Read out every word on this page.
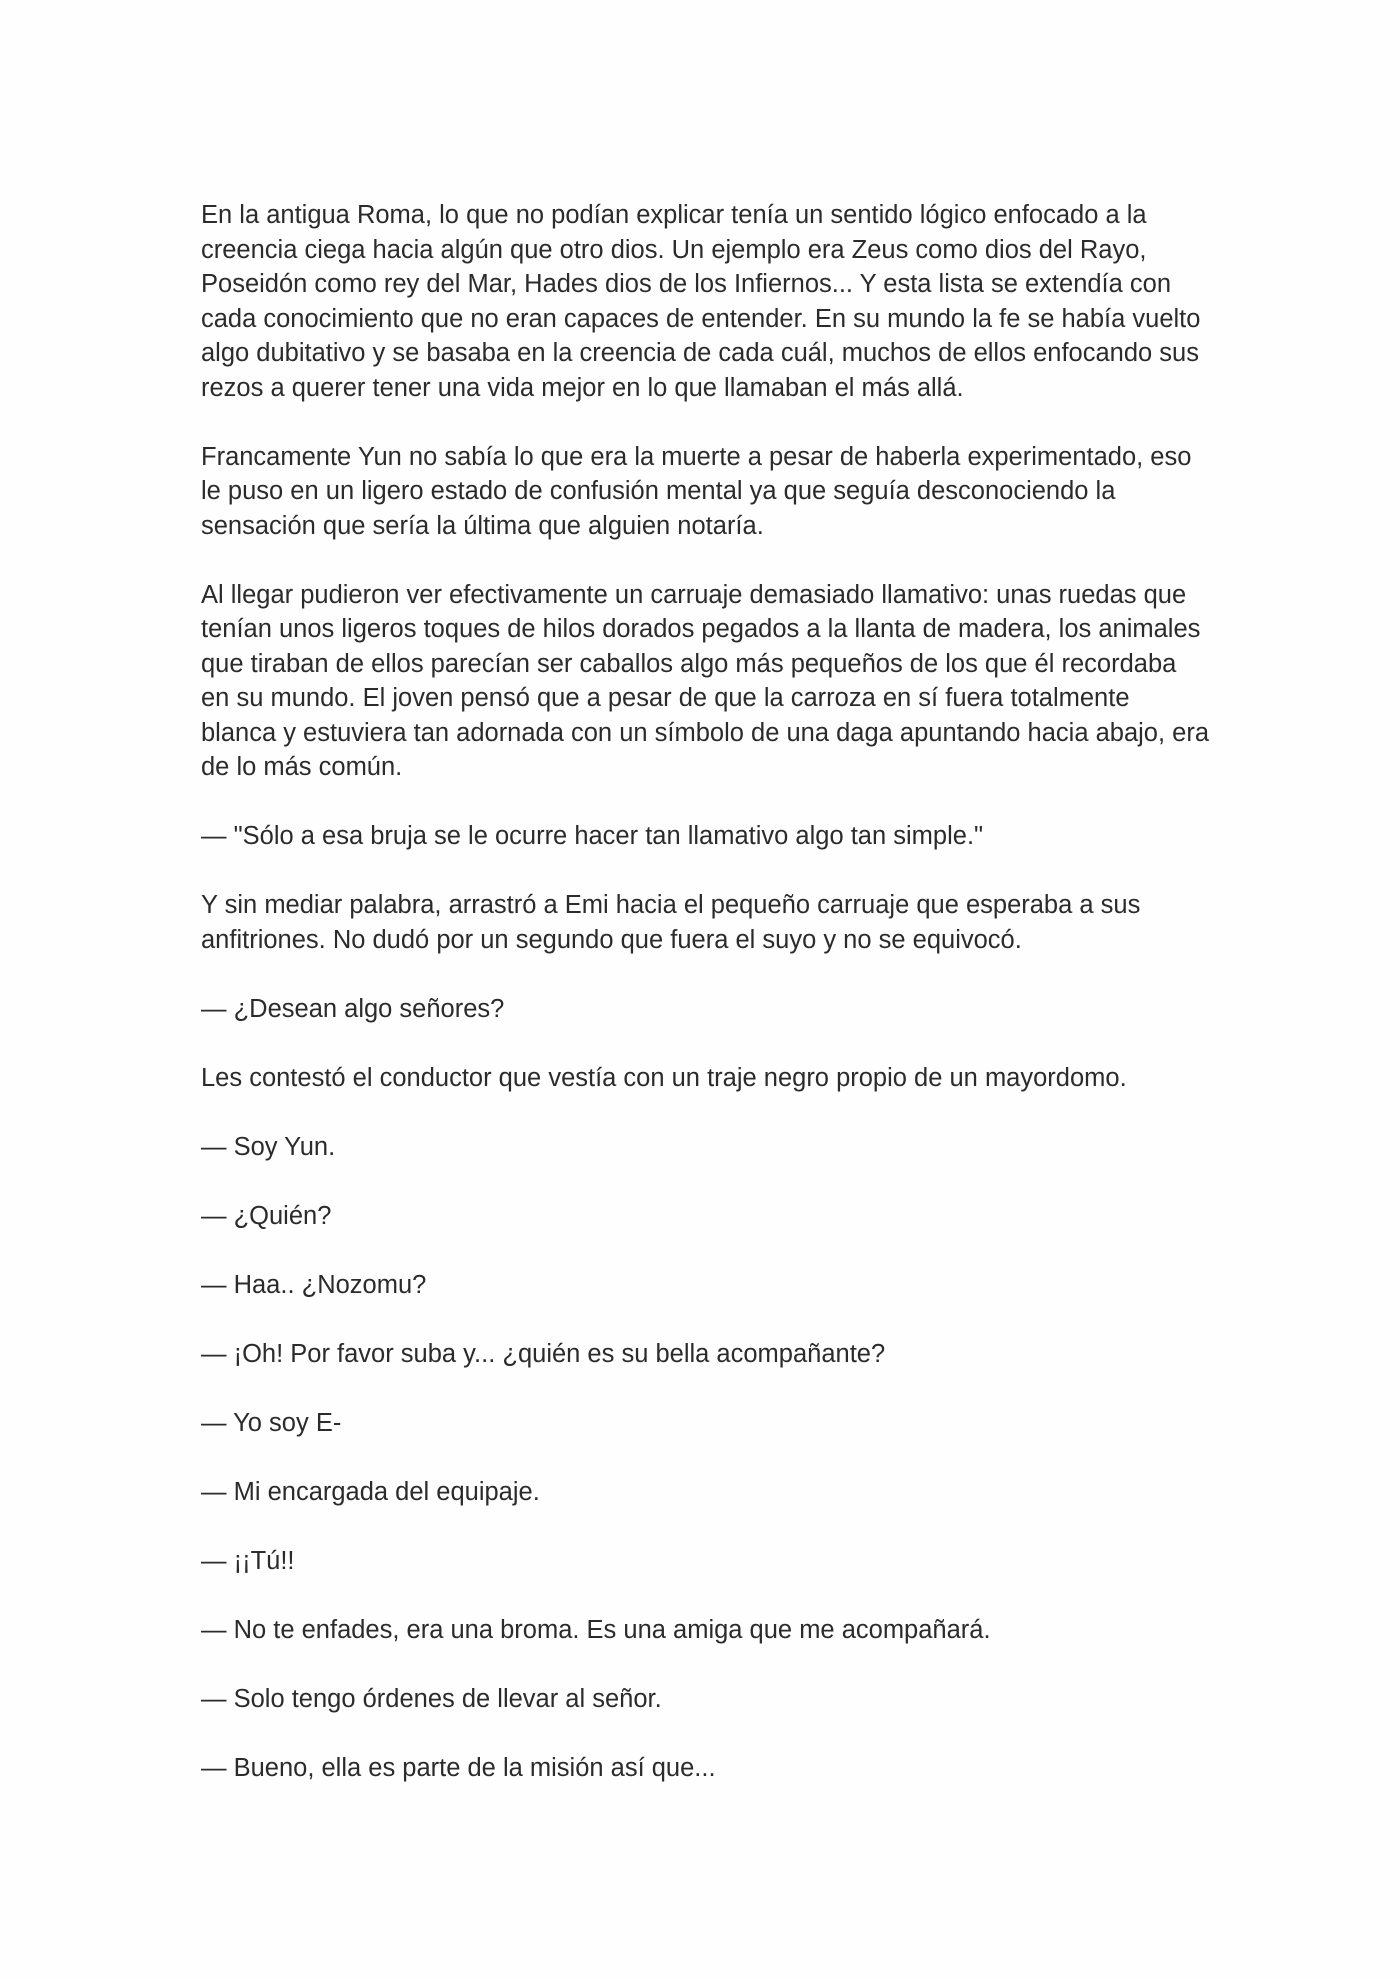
En la antigua Roma, lo que no podían explicar tenía un sentido lógico enfocado a la creencia ciega hacia algún que otro dios. Un ejemplo era Zeus como dios del Rayo, Poseidón como rey del Mar, Hades dios de los Infiernos... Y esta lista se extendía con cada conocimiento que no eran capaces de entender. En su mundo la fe se había vuelto algo dubitativo y se basaba en la creencia de cada cuál, muchos de ellos enfocando sus rezos a querer tener una vida mejor en lo que llamaban el más allá.

Francamente Yun no sabía lo que era la muerte a pesar de haberla experimentado, eso le puso en un ligero estado de confusión mental ya que seguía desconociendo la sensación que sería la última que alguien notaría.

Al llegar pudieron ver efectivamente un carruaje demasiado llamativo: unas ruedas que tenían unos ligeros toques de hilos dorados pegados a la llanta de madera, los animales que tiraban de ellos parecían ser caballos algo más pequeños de los que él recordaba en su mundo. El joven pensó que a pesar de que la carroza en sí fuera totalmente blanca y estuviera tan adornada con un símbolo de una daga apuntando hacia abajo, era de lo más común.

— "Sólo a esa bruja se le ocurre hacer tan llamativo algo tan simple."

Y sin mediar palabra, arrastró a Emi hacia el pequeño carruaje que esperaba a sus anfitriones. No dudó por un segundo que fuera el suyo y no se equivocó.

— ¿Desean algo señores?

Les contestó el conductor que vestía con un traje negro propio de un mayordomo.

— Soy Yun.

— ¿Quién?

— Haa.. ¿Nozomu?

— ¡Oh! Por favor suba y... ¿quién es su bella acompañante?

— Yo soy E-

— Mi encargada del equipaje.

— ¡¡Tú!!

— No te enfades, era una broma. Es una amiga que me acompañará.

— Solo tengo órdenes de llevar al señor.

— Bueno, ella es parte de la misión así que...
